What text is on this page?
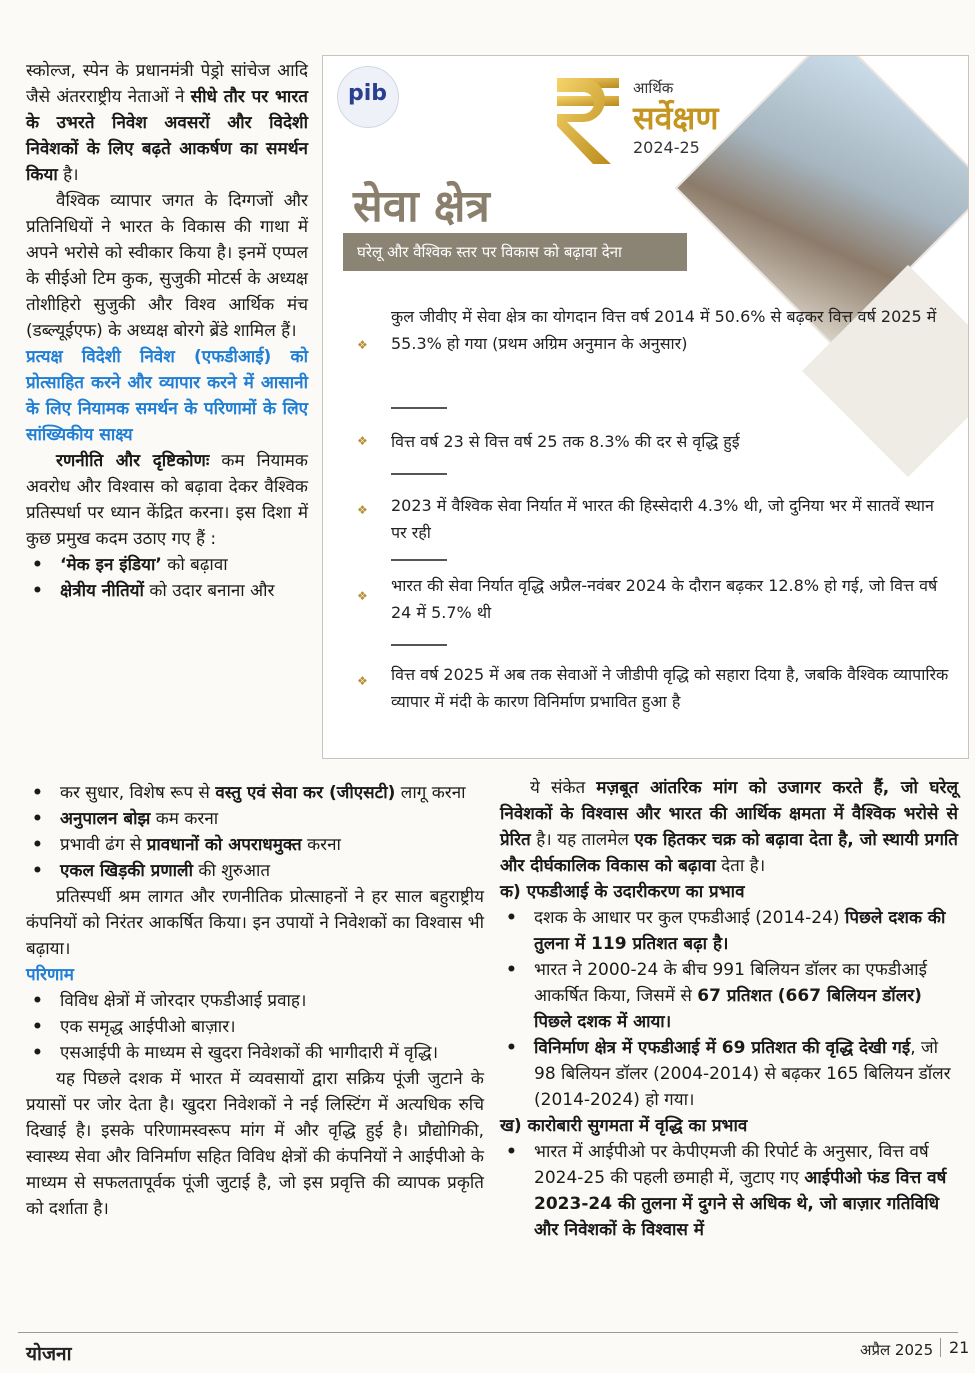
स्कोल्ज, स्पेन के प्रधानमंत्री पेड्रो सांचेज आदि जैसे अंतरराष्ट्रीय नेताओं ने सीधे तौर पर भारत के उभरते निवेश अवसरों और विदेशी निवेशकों के लिए बढ़ते आकर्षण का समर्थन किया है।

वैश्विक व्यापार जगत के दिग्गजों और प्रतिनिधियों ने भारत के विकास की गाथा में अपने भरोसे को स्वीकार किया है। इनमें एप्पल के सीईओ टिम कुक, सुजुकी मोटर्स के अध्यक्ष तोशीहिरो सुजुकी और विश्व आर्थिक मंच (डब्ल्यूईएफ) के अध्यक्ष बोरगे ब्रेंडे शामिल हैं।

प्रत्यक्ष विदेशी निवेश (एफडीआई) को प्रोत्साहित करने और व्यापार करने में आसानी के लिए नियामक समर्थन के परिणामों के लिए सांख्यिकीय साक्ष्य

रणनीति और दृष्टिकोणः कम नियामक अवरोध और विश्वास को बढ़ावा देकर वैश्विक प्रतिस्पर्धा पर ध्यान केंद्रित करना। इस दिशा में कुछ प्रमुख कदम उठाए गए हैं :

• ‘मेक इन इंडिया’ को बढ़ावा
• क्षेत्रीय नीतियों को उदार बनाना और
pib	आर्थिक
सर्वेक्षण
2024-25
सेवा क्षेत्र
घरेलू और वैश्विक स्तर पर विकास को बढ़ावा देना
❖
कुल जीवीए में सेवा क्षेत्र का योगदान वित्त वर्ष 2014 में 50.6% से बढ़कर वित्त वर्ष 2025 में 55.3% हो गया (प्रथम अग्रिम अनुमान के अनुसार)
❖ वित्त वर्ष 23 से वित्त वर्ष 25 तक 8.3% की दर से वृद्धि हुई
❖ 2023 में वैश्विक सेवा निर्यात में भारत की हिस्सेदारी 4.3% थी, जो दुनिया भर में सातवें स्थान पर रही
❖
भारत की सेवा निर्यात वृद्धि अप्रैल-नवंबर 2024 के दौरान बढ़कर 12.8% हो गई, जो वित्त वर्ष 24 में 5.7% थी
❖ वित्त वर्ष 2025 में अब तक सेवाओं ने जीडीपी वृद्धि को सहारा दिया है, जबकि वैश्विक व्यापारिक व्यापार में मंदी के कारण विनिर्माण प्रभावित हुआ है
• कर सुधार, विशेष रूप से वस्तु एवं सेवा कर (जीएसटी) लागू करना
• अनुपालन बोझ कम करना
• प्रभावी ढंग से प्रावधानों को अपराधमुक्त करना
• एकल खिड़की प्रणाली की शुरुआत

प्रतिस्पर्धी श्रम लागत और रणनीतिक प्रोत्साहनों ने हर साल बहुराष्ट्रीय कंपनियों को निरंतर आकर्षित किया। इन उपायों ने निवेशकों का विश्वास भी बढ़ाया।

परिणाम

• विविध क्षेत्रों में जोरदार एफडीआई प्रवाह।
• एक समृद्ध आईपीओ बाज़ार।
• एसआईपी के माध्यम से खुदरा निवेशकों की भागीदारी में वृद्धि।

यह पिछले दशक में भारत में व्यवसायों द्वारा सक्रिय पूंजी जुटाने के प्रयासों पर जोर देता है। खुदरा निवेशकों ने नई लिस्टिंग में अत्यधिक रुचि दिखाई है। इसके परिणामस्वरूप मांग में और वृद्धि हुई है। प्रौद्योगिकी, स्वास्थ्य सेवा और विनिर्माण सहित विविध क्षेत्रों की कंपनियों ने आईपीओ के माध्यम से सफलतापूर्वक पूंजी जुटाई है, जो इस प्रवृत्ति की व्यापक प्रकृति को दर्शाता है।

ये संकेत मज़बूत आंतरिक मांग को उजागर करते हैं, जो घरेलू निवेशकों के विश्वास और भारत की आर्थिक क्षमता में वैश्विक भरोसे से प्रेरित है। यह तालमेल एक हितकर चक्र को बढ़ावा देता है, जो स्थायी प्रगति और दीर्घकालिक विकास को बढ़ावा देता है।

क) एफडीआई के उदारीकरण का प्रभाव

• दशक के आधार पर कुल एफडीआई (2014-24) पिछले दशक की तुलना में 119 प्रतिशत बढ़ा है।
• भारत ने 2000-24 के बीच 991 बिलियन डॉलर का एफडीआई आकर्षित किया, जिसमें से 67 प्रतिशत (667 बिलियन डॉलर) पिछले दशक में आया।
• विनिर्माण क्षेत्र में एफडीआई में 69 प्रतिशत की वृद्धि देखी गई, जो 98 बिलियन डॉलर (2004-2014) से बढ़कर 165 बिलियन डॉलर (2014-2024) हो गया।

ख) कारोबारी सुगमता में वृद्धि का प्रभाव

• भारत में आईपीओ पर केपीएमजी की रिपोर्ट के अनुसार, वित्त वर्ष 2024-25 की पहली छमाही में, जुटाए गए आईपीओ फंड वित्त वर्ष 2023-24 की तुलना में दुगने से अधिक थे, जो बाज़ार गतिविधि और निवेशकों के विश्वास में
योजना	अप्रैल 2025 21
